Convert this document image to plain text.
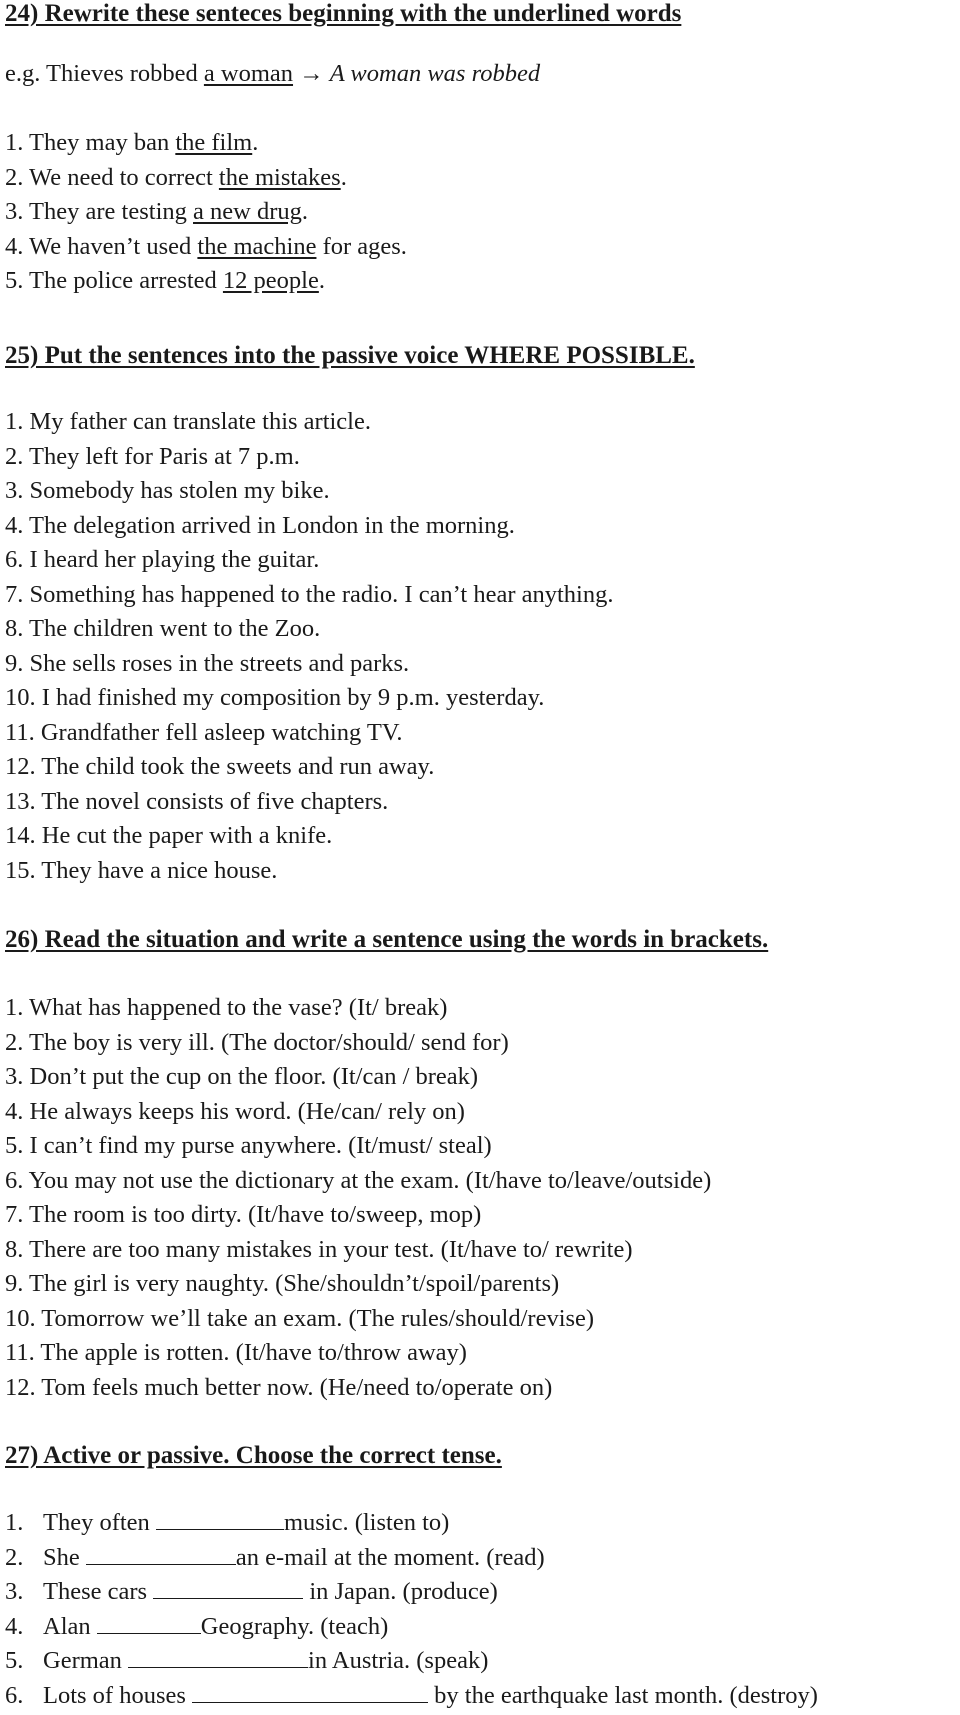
24) Rewrite these senteces beginning with the underlined words
e.g. Thieves robbed a woman → A woman was robbed
1. They may ban the film.
2. We need to correct the mistakes.
3. They are testing a new drug.
4. We haven’t used the machine for ages.
5. The police arrested 12 people.
25) Put the sentences into the passive voice WHERE POSSIBLE.
1. My father can translate this article.
2. They left for Paris at 7 p.m.
3. Somebody has stolen my bike.
4. The delegation arrived in London in the morning.
6. I heard her playing the guitar.
7. Something has happened to the radio. I can’t hear anything.
8. The children went to the Zoo.
9. She sells roses in the streets and parks.
10. I had finished my composition by 9 p.m. yesterday.
11. Grandfather fell asleep watching TV.
12. The child took the sweets and run away.
13. The novel consists of five chapters.
14. He cut the paper with a knife.
15. They have a nice house.
26) Read the situation and write a sentence using the words in brackets.
1. What has happened to the vase? (It/ break)
2. The boy is very ill. (The doctor/should/ send for)
3. Don’t put the cup on the floor. (It/can / break)
4. He always keeps his word. (He/can/ rely on)
5. I can’t find my purse anywhere. (It/must/ steal)
6. You may not use the dictionary at the exam. (It/have to/leave/outside)
7. The room is too dirty. (It/have to/sweep, mop)
8. There are too many mistakes in your test. (It/have to/ rewrite)
9. The girl is very naughty. (She/shouldn’t/spoil/parents)
10. Tomorrow we’ll take an exam. (The rules/should/revise)
11. The apple is rotten. (It/have to/throw away)
12. Tom feels much better now. (He/need to/operate on)
27) Active or passive. Choose the correct tense.
1. They often	music. (listen to)
2. She	an e-mail at the moment. (read)
3. These cars	in Japan. (produce)
4. Alan	Geography. (teach)
5. German	in Austria. (speak)
6. Lots of houses	by the earthquake last month. (destroy)
